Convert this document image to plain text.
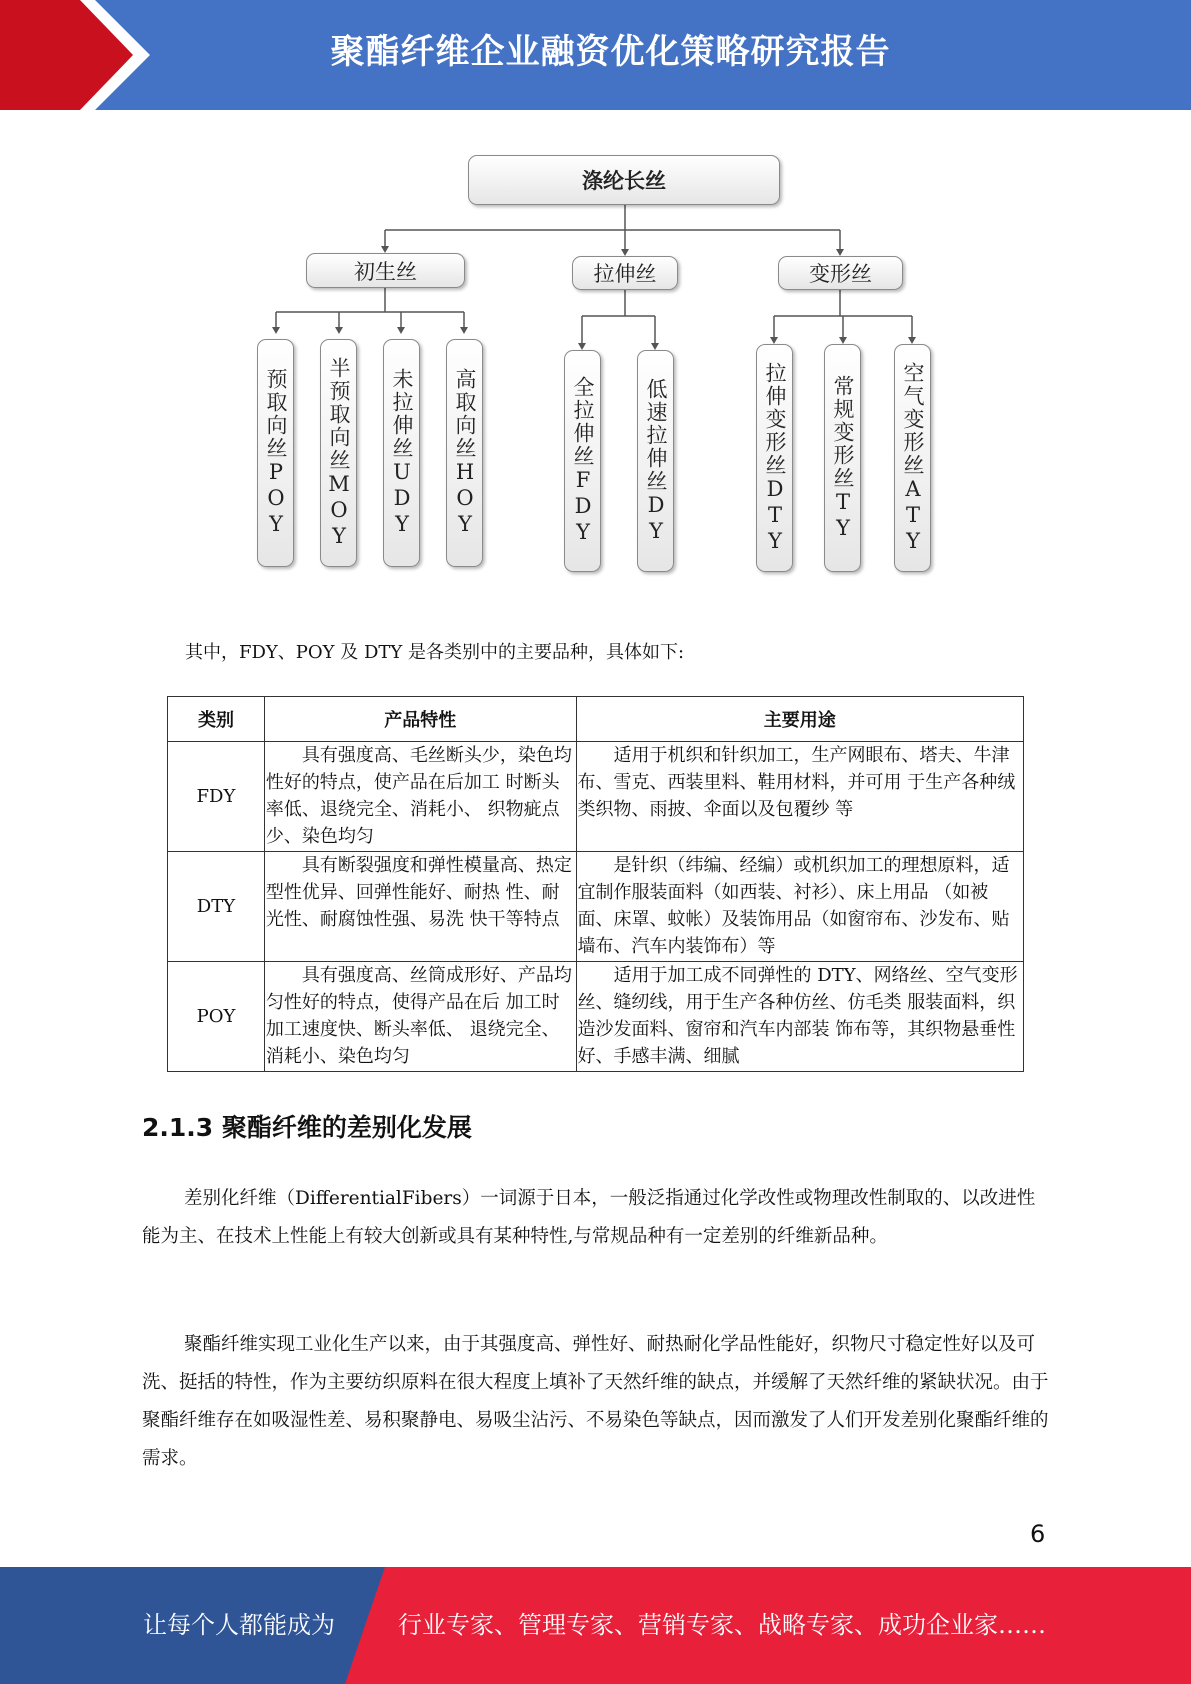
聚酯纤维企业融资优化策略研究报告
涤纶长丝
初生丝	拉伸丝	变形丝
预取向丝POY	半预取向丝MOY	未拉伸丝UDY	高取向丝HOY	全拉伸丝FDY	低速拉伸丝DY	拉伸变形丝DTY	常规变形丝TY	空气变形丝ATY
其中，FDY、POY 及 DTY 是各类别中的主要品种，具体如下:
类别	产品特性	主要用途
FDY	具有强度高、毛丝断头少，染色均性好的特点，使产品在后加工 时断头率低、退绕完全、消耗小、 织物疵点少、染色均匀	适用于机织和针织加工，生产网眼布、塔夫、牛津布、雪克、西装里料、鞋用材料，并可用 于生产各种绒类织物、雨披、伞面以及包覆纱 等
DTY	具有断裂强度和弹性模量高、热定型性优异、回弹性能好、耐热 性、耐光性、耐腐蚀性强、易洗 快干等特点	是针织（纬编、经编）或机织加工的理想原料，适宜制作服装面料（如西装、衬衫）、床上用品 （如被面、床罩、蚊帐）及装饰用品（如窗帘布、沙发布、贴墙布、汽车内装饰布）等
POY	具有强度高、丝筒成形好、产品均匀性好的特点，使得产品在后 加工时加工速度快、断头率低、 退绕完全、消耗小、染色均匀	适用于加工成不同弹性的 DTY、网络丝、空气变形丝、缝纫线，用于生产各种仿丝、仿毛类 服装面料，织造沙发面料、窗帘和汽车内部装 饰布等，其织物悬垂性好、手感丰满、细腻
2.1.3 聚酯纤维的差别化发展
差别化纤维（DifferentialFibers）一词源于日本，一般泛指通过化学改性或物理改性制取的、以改进性能为主、在技术上性能上有较大创新或具有某种特性,与常规品种有一定差别的纤维新品种。
聚酯纤维实现工业化生产以来，由于其强度高、弹性好、耐热耐化学品性能好，织物尺寸稳定性好以及可洗、挺括的特性，作为主要纺织原料在很大程度上填补了天然纤维的缺点，并缓解了天然纤维的紧缺状况。由于聚酯纤维存在如吸湿性差、易积聚静电、易吸尘沾污、不易染色等缺点，因而激发了人们开发差别化聚酯纤维的需求。
6
让每个人都能成为	行业专家、管理专家、营销专家、战略专家、成功企业家……
